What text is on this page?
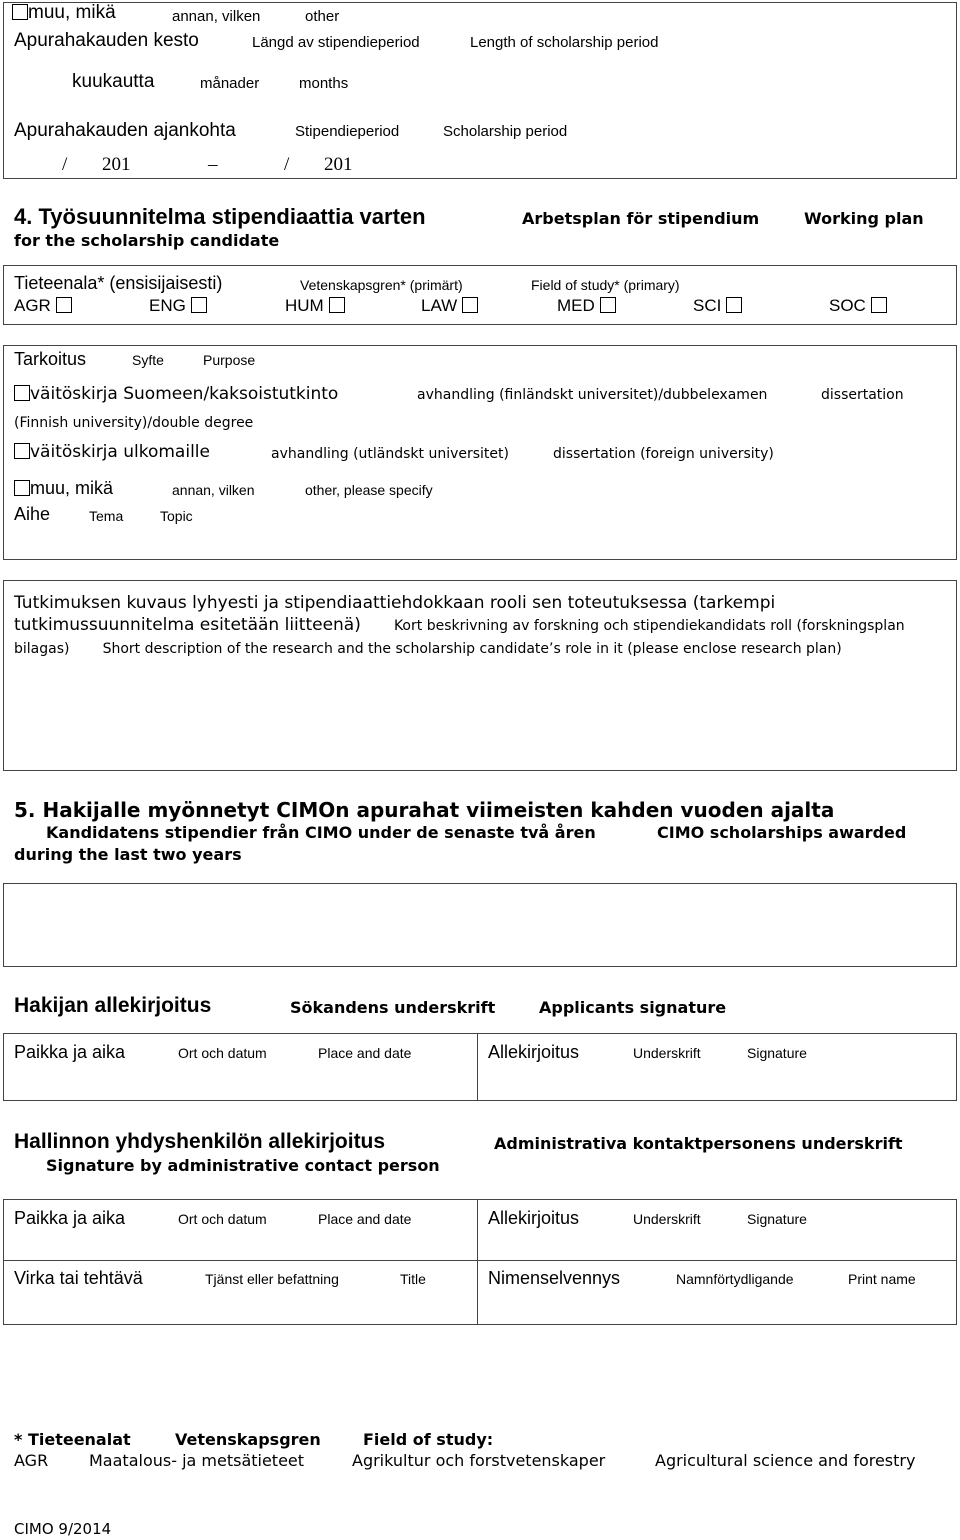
muu, mikä	annan, vilken	other
Apurahakauden kesto	Längd av stipendieperiod	Length of scholarship period
kuukautta	månader	months
Apurahakauden ajankohta	Stipendieperiod	Scholarship period
/ 201	–	/ 201
4. Työsuunnitelma stipendiaattia varten	Arbetsplan för stipendium	Working plan
for the scholarship candidate
Tieteenala* (ensisijaisesti)	Vetenskapsgren* (primärt)	Field of study* (primary)
AGR	ENG	HUM	LAW	MED	SCI	SOC
Tarkoitus	Syfte	Purpose
väitöskirja Suomeen/kaksoistutkinto	avhandling (finländskt universitet)/dubbelexamen	dissertation
(Finnish university)/double degree
väitöskirja ulkomaille	avhandling (utländskt universitet)	dissertation (foreign university)
muu, mikä	annan, vilken	other, please specify
Aihe	Tema	Topic
Tutkimuksen kuvaus lyhyesti ja stipendiaattiehdokkaan rooli sen toteutuksessa (tarkempi tutkimussuunnitelma esitetään liitteenä) Kort beskrivning av forskning och stipendiekandidats roll (forskningsplan bilagas) Short description of the research and the scholarship candidate’s role in it (please enclose research plan)
5. Hakijalle myönnetyt CIMOn apurahat viimeisten kahden vuoden ajalta
Kandidatens stipendier från CIMO under de senaste två åren	CIMO scholarships awarded
during the last two years
Hakijan allekirjoitus	Sökandens underskrift	Applicants signature
Paikka ja aika	Ort och datum	Place and date	Allekirjoitus	Underskrift	Signature
Hallinnon yhdyshenkilön allekirjoitus	Administrativa kontaktpersonens underskrift
Signature by administrative contact person
Paikka ja aika	Ort och datum	Place and date	Allekirjoitus	Underskrift	Signature
Virka tai tehtävä	Tjänst eller befattning	Title	Nimenselvennys	Namnförtydligande	Print name
* Tieteenalat	Vetenskapsgren	Field of study:
AGR	Maatalous- ja metsätieteet	Agrikultur och forstvetenskaper	Agricultural science and forestry
CIMO 9/2014
